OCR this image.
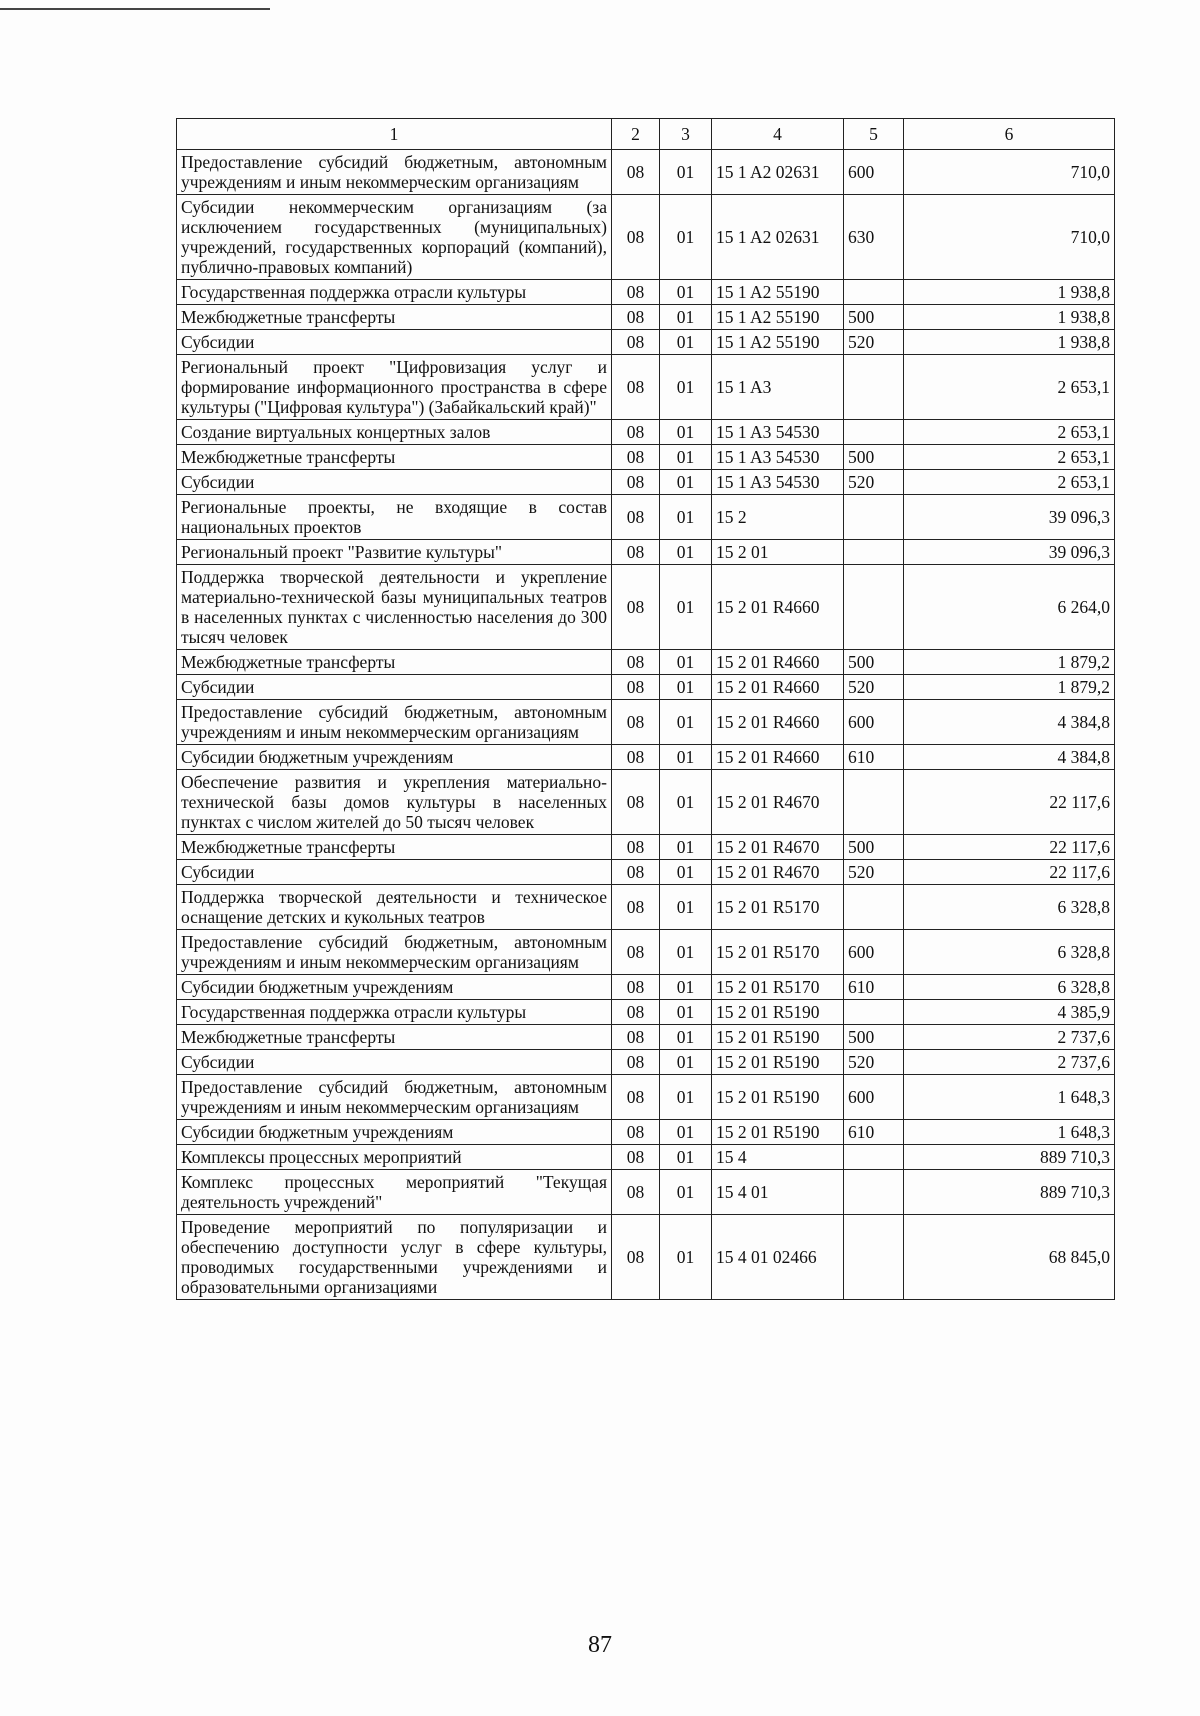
1	2	3	4	5	6
Предоставление субсидий бюджетным, автономным учреждениям и иным некоммерческим организациям	08	01	15 1 A2 02631	600	710,0
Субсидии некоммерческим организациям (за исключением государственных (муниципальных) учреждений, государственных корпораций (компаний), публично-правовых компаний)	08	01	15 1 A2 02631	630	710,0
Государственная поддержка отрасли культуры	08	01	15 1 A2 55190		1 938,8
Межбюджетные трансферты	08	01	15 1 A2 55190	500	1 938,8
Субсидии	08	01	15 1 A2 55190	520	1 938,8
Региональный проект "Цифровизация услуг и формирование информационного пространства в сфере культуры ("Цифровая культура") (Забайкальский край)"	08	01	15 1 A3		2 653,1
Создание виртуальных концертных залов	08	01	15 1 A3 54530		2 653,1
Межбюджетные трансферты	08	01	15 1 A3 54530	500	2 653,1
Субсидии	08	01	15 1 A3 54530	520	2 653,1
Региональные проекты, не входящие в состав национальных проектов	08	01	15 2		39 096,3
Региональный проект "Развитие культуры"	08	01	15 2 01		39 096,3
Поддержка творческой деятельности и укрепление материально-технической базы муниципальных театров в населенных пунктах с численностью населения до 300 тысяч человек	08	01	15 2 01 R4660		6 264,0
Межбюджетные трансферты	08	01	15 2 01 R4660	500	1 879,2
Субсидии	08	01	15 2 01 R4660	520	1 879,2
Предоставление субсидий бюджетным, автономным учреждениям и иным некоммерческим организациям	08	01	15 2 01 R4660	600	4 384,8
Субсидии бюджетным учреждениям	08	01	15 2 01 R4660	610	4 384,8
Обеспечение развития и укрепления материально-технической базы домов культуры в населенных пунктах с числом жителей до 50 тысяч человек	08	01	15 2 01 R4670		22 117,6
Межбюджетные трансферты	08	01	15 2 01 R4670	500	22 117,6
Субсидии	08	01	15 2 01 R4670	520	22 117,6
Поддержка творческой деятельности и техническое оснащение детских и кукольных театров	08	01	15 2 01 R5170		6 328,8
Предоставление субсидий бюджетным, автономным учреждениям и иным некоммерческим организациям	08	01	15 2 01 R5170	600	6 328,8
Субсидии бюджетным учреждениям	08	01	15 2 01 R5170	610	6 328,8
Государственная поддержка отрасли культуры	08	01	15 2 01 R5190		4 385,9
Межбюджетные трансферты	08	01	15 2 01 R5190	500	2 737,6
Субсидии	08	01	15 2 01 R5190	520	2 737,6
Предоставление субсидий бюджетным, автономным учреждениям и иным некоммерческим организациям	08	01	15 2 01 R5190	600	1 648,3
Субсидии бюджетным учреждениям	08	01	15 2 01 R5190	610	1 648,3
Комплексы процессных мероприятий	08	01	15 4		889 710,3
Комплекс процессных мероприятий "Текущая деятельность учреждений"	08	01	15 4 01		889 710,3
Проведение мероприятий по популяризации и обеспечению доступности услуг в сфере культуры, проводимых государственными учреждениями и образовательными организациями	08	01	15 4 01 02466		68 845,0
87
